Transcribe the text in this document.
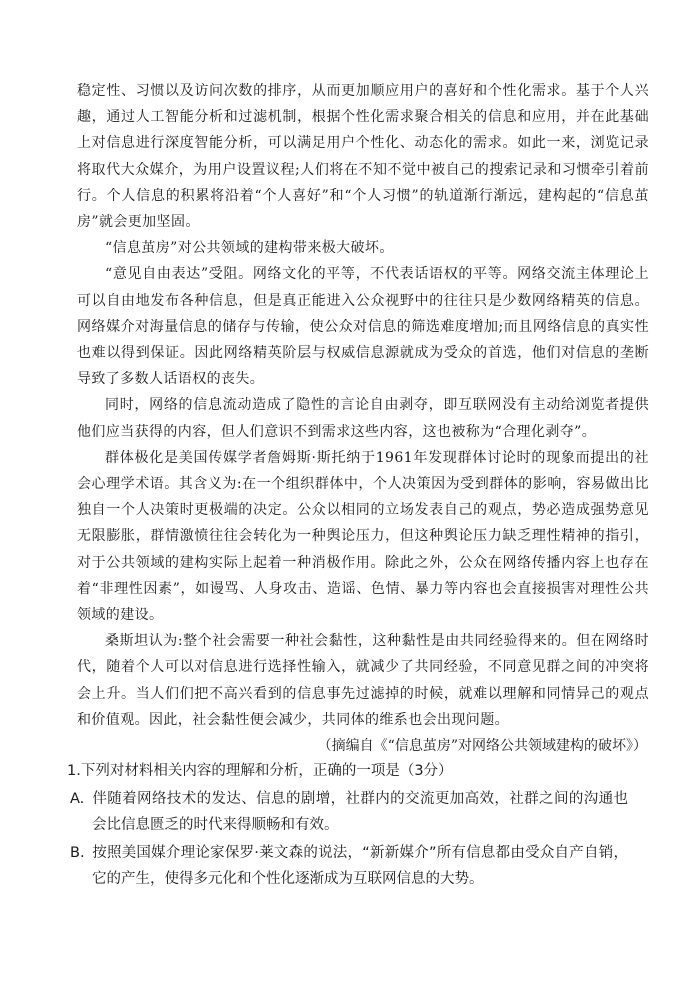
稳定性、习惯以及访问次数的排序，从而更加顺应用户的喜好和个性化需求。基于个人兴趣，通过人工智能分析和过滤机制，根据个性化需求聚合相关的信息和应用，并在此基础上对信息进行深度智能分析，可以满足用户个性化、动态化的需求。如此一来，浏览记录将取代大众媒介，为用户设置议程;人们将在不知不觉中被自己的搜索记录和习惯牵引着前行。个人信息的积累将沿着“个人喜好”和“个人习惯”的轨道渐行渐远，建构起的“信息茧房”就会更加坚固。

“信息茧房”对公共领域的建构带来极大破坏。

“意见自由表达”受阻。网络文化的平等，不代表话语权的平等。网络交流主体理论上可以自由地发布各种信息，但是真正能进入公众视野中的往往只是少数网络精英的信息。网络媒介对海量信息的储存与传输，使公众对信息的筛选难度增加;而且网络信息的真实性也难以得到保证。因此网络精英阶层与权威信息源就成为受众的首选，他们对信息的垄断导致了多数人话语权的丧失。

同时，网络的信息流动造成了隐性的言论自由剥夺，即互联网没有主动给浏览者提供他们应当获得的内容，但人们意识不到需求这些内容，这也被称为“合理化剥夺”。

群体极化是美国传媒学者詹姆斯·斯托纳于1961年发现群体讨论时的现象而提出的社会心理学术语。其含义为:在一个组织群体中，个人决策因为受到群体的影响，容易做出比独自一个人决策时更极端的决定。公众以相同的立场发表自己的观点，势必造成强势意见无限膨胀，群情激愤往往会转化为一种舆论压力，但这种舆论压力缺乏理性精神的指引，对于公共领域的建构实际上起着一种消极作用。除此之外，公众在网络传播内容上也存在着“非理性因素”，如谩骂、人身攻击、造谣、色情、暴力等内容也会直接损害对理性公共领域的建设。

桑斯坦认为:整个社会需要一种社会黏性，这种黏性是由共同经验得来的。但在网络时代，随着个人可以对信息进行选择性输入，就减少了共同经验，不同意见群之间的冲突将会上升。当人们们把不高兴看到的信息事先过滤掉的时候，就难以理解和同情异己的观点和价值观。因此，社会黏性便会减少，共同体的维系也会出现问题。

（摘编自《“信息茧房”对网络公共领域建构的破坏》）

1.下列对材料相关内容的理解和分析，正确的一项是（3分）

A. 伴随着网络技术的发达、信息的剧增，社群内的交流更加高效，社群之间的沟通也会比信息匮乏的时代来得顺畅和有效。

B. 按照美国媒介理论家保罗·莱文森的说法，“新新媒介”所有信息都由受众自产自销，它的产生，使得多元化和个性化逐渐成为互联网信息的大势。
